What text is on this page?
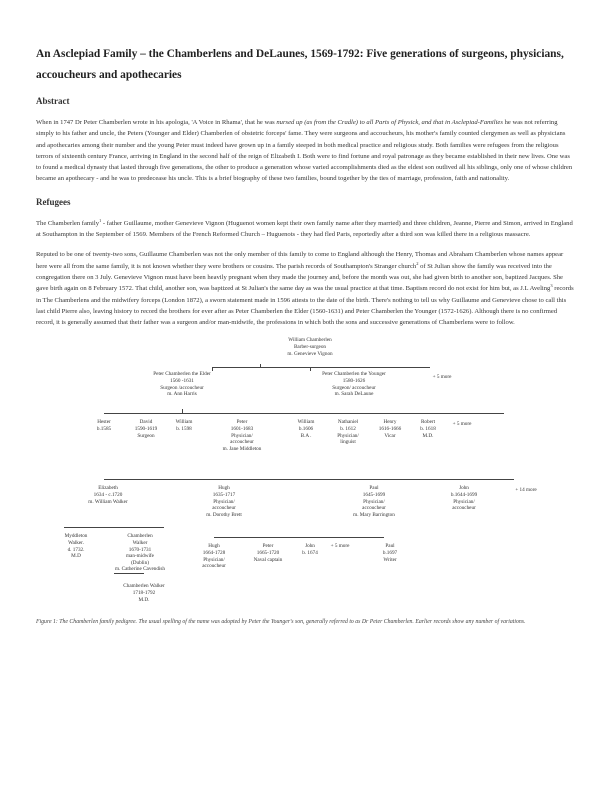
An Asclepiad Family – the Chamberlens and DeLaunes, 1569-1792: Five generations of surgeons, physicians, accoucheurs and apothecaries
Abstract

When in 1747 Dr Peter Chamberlen wrote in his apologia, 'A Voice in Rhama', that he was nursed up (as from the Cradle) to all Parts of Physick, and that in Asclepiad-Families he was not referring simply to his father and uncle, the Peters (Younger and Elder) Chamberlen of obstetric forceps' fame. They were surgeons and accoucheurs, his mother's family counted clergymen as well as physicians and apothecaries among their number and the young Peter must indeed have grown up in a family steeped in both medical practice and religious study. Both families were refugees from the religious terrors of sixteenth century France, arriving in England in the second half of the reign of Elizabeth I. Both were to find fortune and royal patronage as they became established in their new lives. One was to found a medical dynasty that lasted through five generations, the other to produce a generation whose varied accomplishments died as the eldest son outlived all his siblings, only one of whose children became an apothecary - and he was to predecease his uncle. This is a brief biography of these two families, bound together by the ties of marriage, profession, faith and nationality.

Refugees

The Chamberlen family$^1$ - father Guillaume, mother Genevieve Vignon (Huguenot women kept their own family name after they married) and three children, Jeanne, Pierre and Simon, arrived in England at Southampton in the September of 1569. Members of the French Reformed Church – Huguenots - they had fled Paris, reportedly after a third son was killed there in a religious massacre.

Reputed to be one of twenty-two sons, Guillaume Chamberlen was not the only member of this family to come to England although the Henry, Thomas and Abraham Chamberlen whose names appear here were all from the same family, it is not known whether they were brothers or cousins. The parish records of Southampton's Stranger church$^2$ of St Julian show the family was received into the congregation there on 3 July. Genevieve Vignon must have been heavily pregnant when they made the journey and, before the month was out, she had given birth to another son, baptized Jacques. She gave birth again on 8 February 1572. That child, another son, was baptized at St Julian's the same day as was the usual practice at that time. Baptism record do not exist for him but, as J.L Aveling$^3$ records in The Chamberlens and the midwifery forceps (London 1872), a sworn statement made in 1596 attests to the date of the birth. There's nothing to tell us why Guillaume and Genevieve chose to call this last child Pierre also, leaving history to record the brothers for ever after as Peter Chamberlen the Elder (1560-1631) and Peter Chamberlen the Younger (1572-1626). Although there is no confirmed record, it is generally assumed that their father was a surgeon and/or man-midwife, the professions in which both the sons and successive generations of Chamberlens were to follow.

William Chamberlen
Barber-surgeon
m. Genevieve Vignon
Peter Chamberlen the Elder
1560 -1631
Surgeon /accoucheur
m. Ann Harris
Peter Chamberlen the Younger
1580-1626
Surgeon/ accoucheur
m. Sarah DeLaune
+ 5 more
Hester
b.1585
David
1590-1619
Surgeon
William
b. 1598
Peter
1601-1683
Physician/
accoucheur
m. Jane Middleton
William
b.1606
B.A .
Nathaniel
b. 1612
Physician/
linguist
Henry
1616-1666
Vicar
Robert
b. 1618
M.D.
+ 5 more
Elizabeth
1634 - c.1720
m. William Walker
Hugh
1635-1717
Physician/
accoucheur
m. Dorothy Brett
Paul
1645-1699
Physician/
accoucheur
m. Mary Barrington
John
b.1644-1699
Physician/
accoucheur
+ 14 more
Myddleton
Walker.
d. 1732.
M.D
Chamberlen
Walker
1670-1731
man-midwife
(Dublin)
m. Catherine Cavendish
Hugh
1664-1728
Physician/
accoucheur
Peter
1665-1720
Naval captain
John
b. 1674
+ 5 more	Paul
b.1697
Writer
Chamberlen Walker
1718-1792
M.D.
Figure 1: The Chamberlen family pedigree. The usual spelling of the name was adopted by Peter the Younger's son, generally referred to as Dr Peter Chamberlen. Earlier records show any number of variations.
